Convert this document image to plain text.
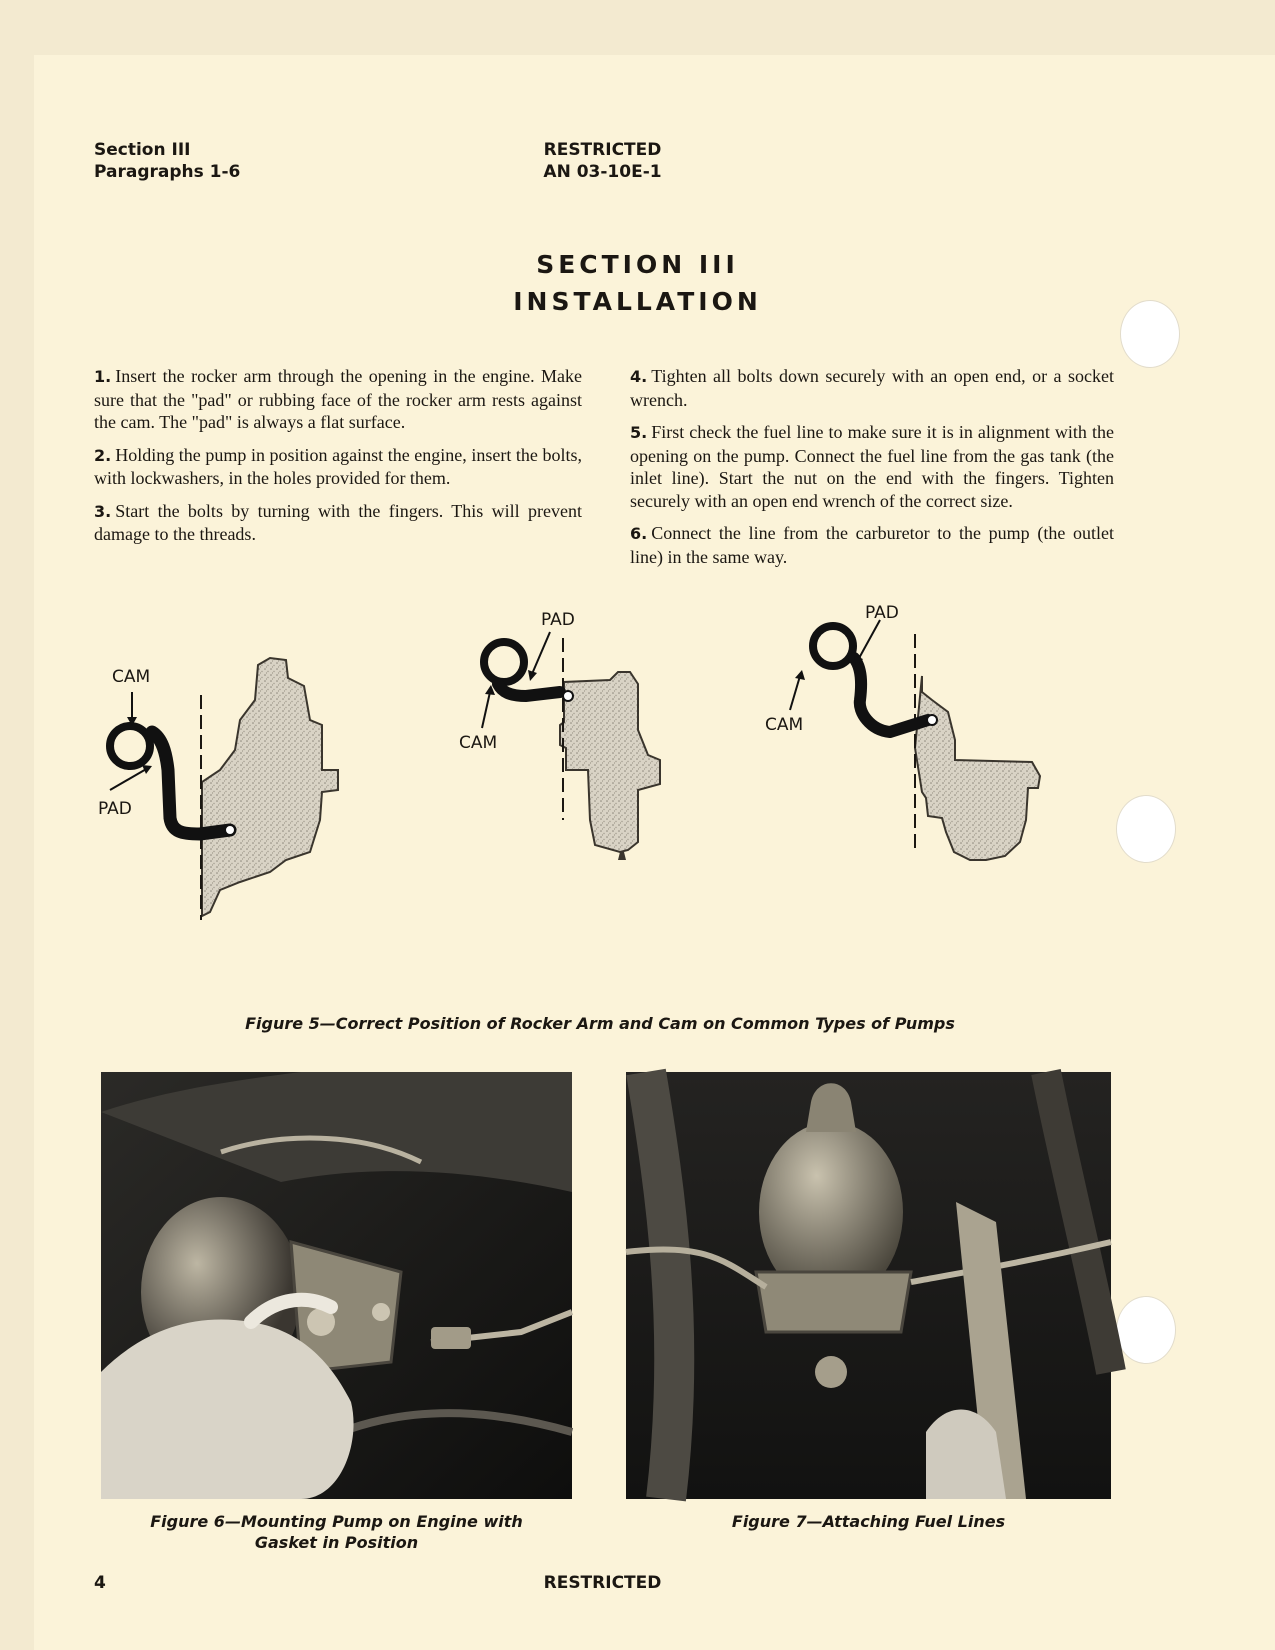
Section III
Paragraphs 1-6
RESTRICTED
AN 03-10E-1
SECTION III
INSTALLATION

1. Insert the rocker arm through the opening in the engine. Make sure that the "pad" or rubbing face of the rocker arm rests against the cam. The "pad" is always a flat surface.

2. Holding the pump in position against the engine, insert the bolts, with lockwashers, in the holes provided for them.

3. Start the bolts by turning with the fingers. This will prevent damage to the threads.

4. Tighten all bolts down securely with an open end, or a socket wrench.

5. First check the fuel line to make sure it is in alignment with the opening on the pump. Connect the fuel line from the gas tank (the inlet line). Start the nut on the end with the fingers. Tighten securely with an open end wrench of the correct size.

6. Connect the line from the carburetor to the pump (the outlet line) in the same way.

CAM
PAD
PAD
CAM
PAD
CAM
Figure 5—Correct Position of Rocker Arm and Cam on Common Types of Pumps
Figure 6—Mounting Pump on Engine with
Gasket in Position
Figure 7—Attaching Fuel Lines
4	RESTRICTED
